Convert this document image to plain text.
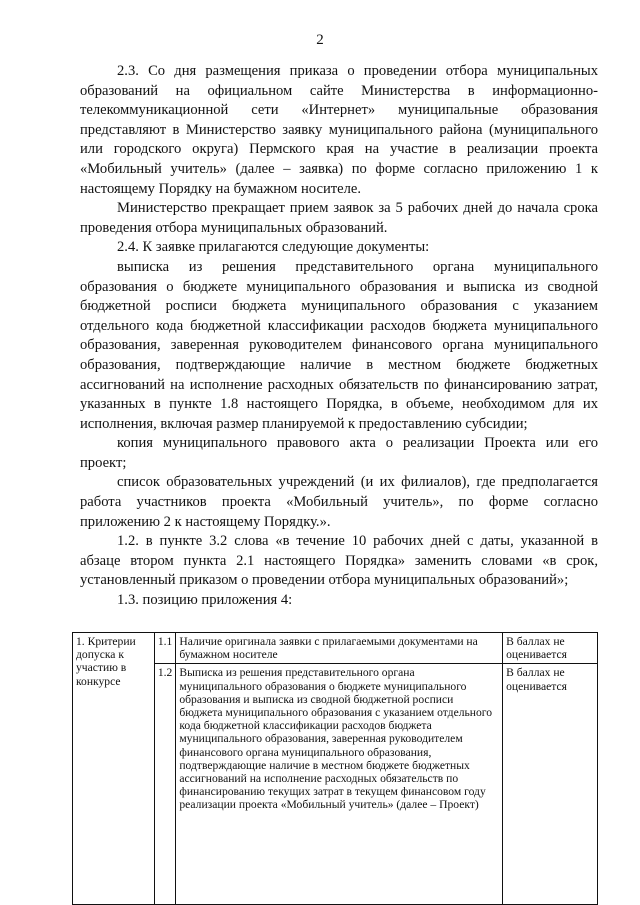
2

2.3. Со дня размещения приказа о проведении отбора муниципальных образований на официальном сайте Министерства в информационно-телекоммуникационной сети «Интернет» муниципальные образования представляют в Министерство заявку муниципального района (муниципального или городского округа) Пермского края на участие в реализации проекта «Мобильный учитель» (далее – заявка) по форме согласно приложению 1 к настоящему Порядку на бумажном носителе.

Министерство прекращает прием заявок за 5 рабочих дней до начала срока проведения отбора муниципальных образований.

2.4. К заявке прилагаются следующие документы:

выписка из решения представительного органа муниципального образования о бюджете муниципального образования и выписка из сводной бюджетной росписи бюджета муниципального образования с указанием отдельного кода бюджетной классификации расходов бюджета муниципального образования, заверенная руководителем финансового органа муниципального образования, подтверждающие наличие в местном бюджете бюджетных ассигнований на исполнение расходных обязательств по финансированию затрат, указанных в пункте 1.8 настоящего Порядка, в объеме, необходимом для их исполнения, включая размер планируемой к предоставлению субсидии;

копия муниципального правового акта о реализации Проекта или его проект;

список образовательных учреждений (и их филиалов), где предполагается работа участников проекта «Мобильный учитель», по форме согласно приложению 2 к настоящему Порядку.».

1.2. в пункте 3.2 слова «в течение 10 рабочих дней с даты, указанной в абзаце втором пункта 2.1 настоящего Порядка» заменить словами «в срок, установленный приказом о проведении отбора муниципальных образований»;

1.3. позицию приложения 4:

1. Критерии допуска к участию в конкурсе	1.1	Наличие оригинала заявки с прилагаемыми документами на бумажном носителе	В баллах не оценивается
	1.2	Выписка из решения представительного органа муниципального образования о бюджете муниципального образования и выписка из сводной бюджетной росписи бюджета муниципального образования с указанием отдельного кода бюджетной классификации расходов бюджета муниципального образования, заверенная руководителем финансового органа муниципального образования, подтверждающие наличие в местном бюджете бюджетных ассигнований на исполнение расходных обязательств по финансированию текущих затрат в текущем финансовом году реализации проекта «Мобильный учитель» (далее – Проект)	В баллах не оценивается
